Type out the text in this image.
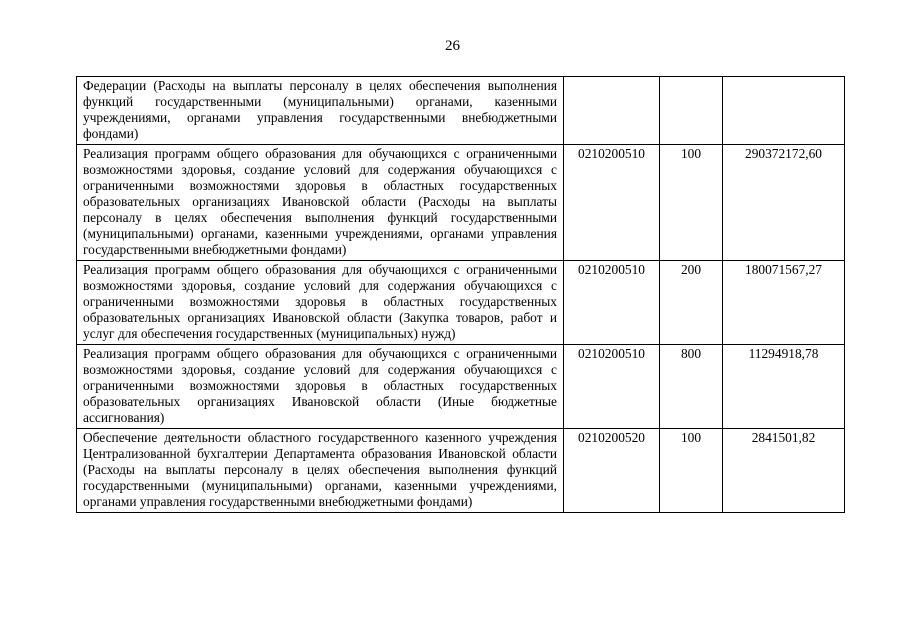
26
Федерации (Расходы на выплаты персоналу в целях обеспечения выполнения функций государственными (муниципальными) органами, казенными учреждениями, органами управления государственными внебюджетными фондами)			
Реализация программ общего образования для обучающихся с ограниченными возможностями здоровья, создание условий для содержания обучающихся с ограниченными возможностями здоровья в областных государственных образовательных организациях Ивановской области (Расходы на выплаты персоналу в целях обеспечения выполнения функций государственными (муниципальными) органами, казенными учреждениями, органами управления государственными внебюджетными фондами)	0210200510	100	290372172,60
Реализация программ общего образования для обучающихся с ограниченными возможностями здоровья, создание условий для содержания обучающихся с ограниченными возможностями здоровья в областных государственных образовательных организациях Ивановской области (Закупка товаров, работ и услуг для обеспечения государственных (муниципальных) нужд)	0210200510	200	180071567,27
Реализация программ общего образования для обучающихся с ограниченными возможностями здоровья, создание условий для содержания обучающихся с ограниченными возможностями здоровья в областных государственных образовательных организациях Ивановской области (Иные бюджетные ассигнования)	0210200510	800	11294918,78
Обеспечение деятельности областного государственного казенного учреждения Централизованной бухгалтерии Департамента образования Ивановской области (Расходы на выплаты персоналу в целях обеспечения выполнения функций государственными (муниципальными) органами, казенными учреждениями, органами управления государственными внебюджетными фондами)	0210200520	100	2841501,82
